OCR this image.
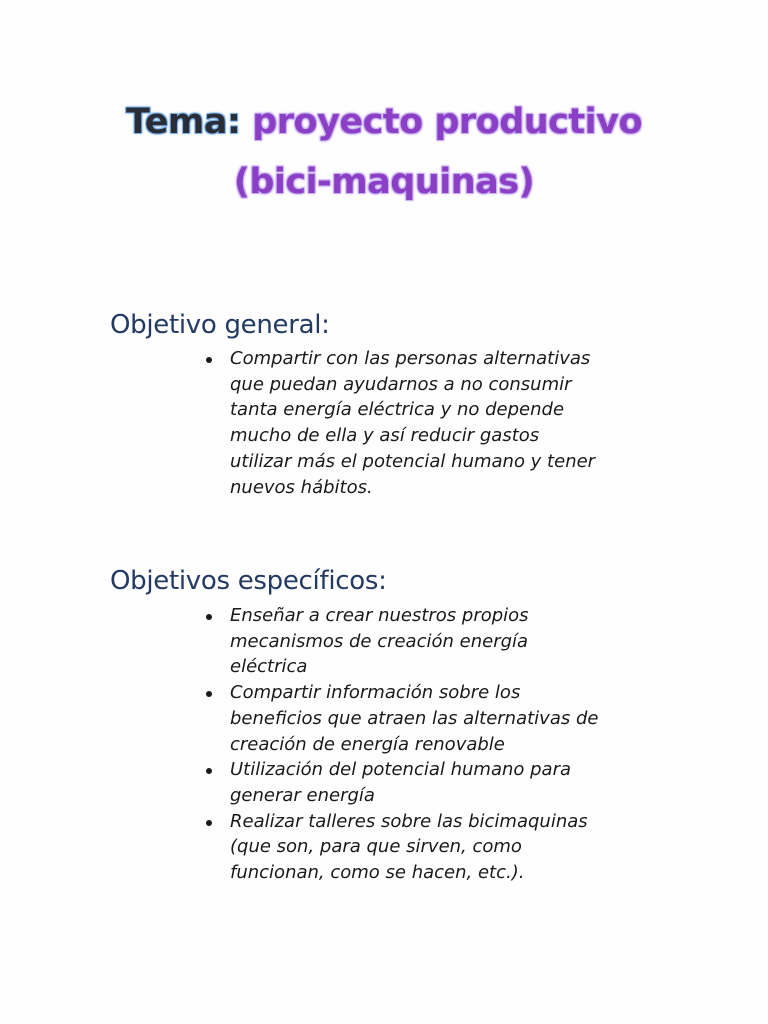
Tema: proyecto productivo
(bici-maquinas)
Objetivo general:
Compartir con las personas alternativas
que puedan ayudarnos a no consumir
tanta energía eléctrica y no depende
mucho de ella y así reducir gastos
utilizar más el potencial humano y tener
nuevos hábitos.
Objetivos específicos:
Enseñar a crear nuestros propios
mecanismos de creación energía
eléctrica
Compartir información sobre los
beneficios que atraen las alternativas de
creación de energía renovable
Utilización del potencial humano para
generar energía
Realizar talleres sobre las bicimaquinas
(que son, para que sirven, como
funcionan, como se hacen, etc.).
